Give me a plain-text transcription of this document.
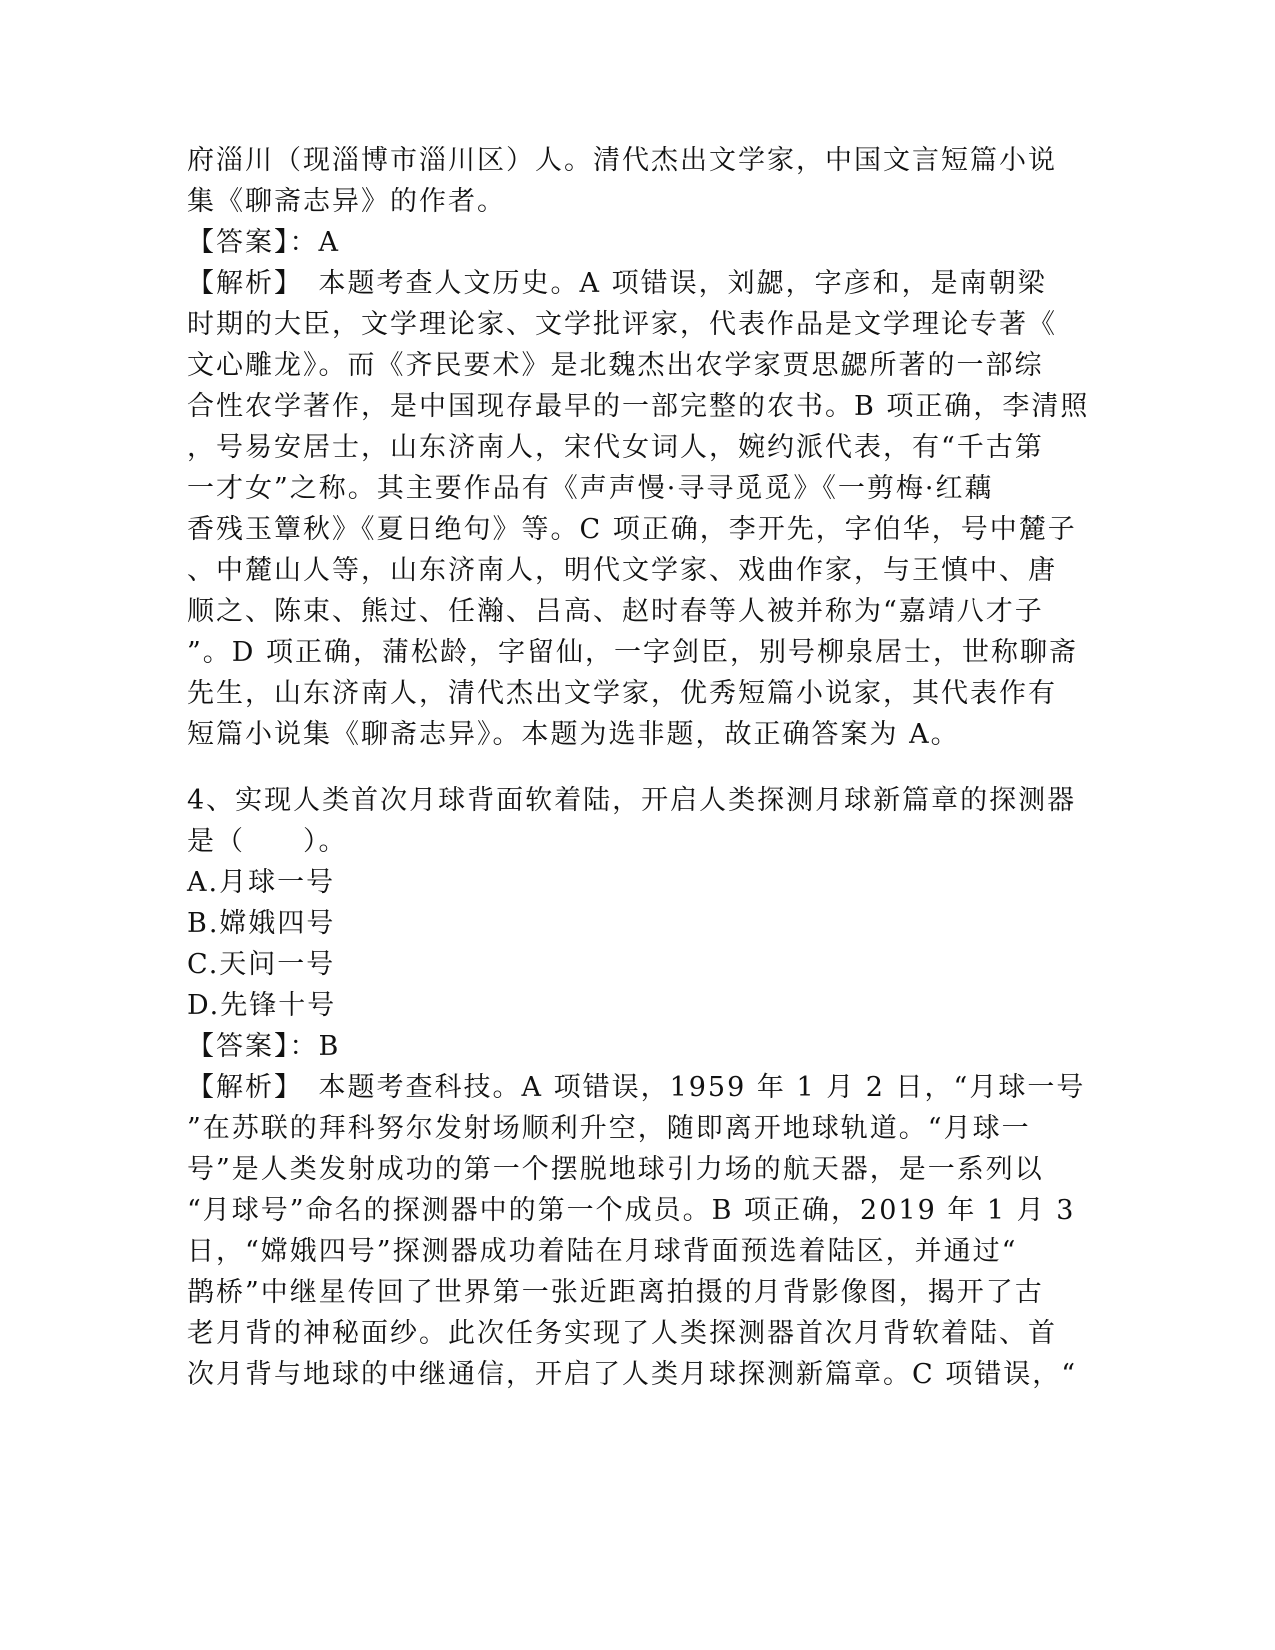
府淄川（现淄博市淄川区）人。清代杰出文学家，中国文言短篇小说
集《聊斋志异》的作者。
【答案】：A
【解析】　本题考查人文历史。A 项错误，刘勰，字彦和，是南朝梁
时期的大臣，文学理论家、文学批评家，代表作品是文学理论专著《
文心雕龙》。而《齐民要术》是北魏杰出农学家贾思勰所著的一部综
合性农学著作，是中国现存最早的一部完整的农书。B 项正确，李清照
，号易安居士，山东济南人，宋代女词人，婉约派代表，有“千古第
一才女”之称。其主要作品有《声声慢·寻寻觅觅》《一剪梅·红藕
香残玉簟秋》《夏日绝句》等。C 项正确，李开先，字伯华，号中麓子
、中麓山人等，山东济南人，明代文学家、戏曲作家，与王慎中、唐
顺之、陈束、熊过、任瀚、吕高、赵时春等人被并称为“嘉靖八才子
”。D 项正确，蒲松龄，字留仙，一字剑臣，别号柳泉居士，世称聊斋
先生，山东济南人，清代杰出文学家，优秀短篇小说家，其代表作有
短篇小说集《聊斋志异》。本题为选非题，故正确答案为 A。
4、实现人类首次月球背面软着陆，开启人类探测月球新篇章的探测器
是（　　）。
A.月球一号
B.嫦娥四号
C.天问一号
D.先锋十号
【答案】：B
【解析】　本题考查科技。A 项错误，1959 年 1 月 2 日，“月球一号
”在苏联的拜科努尔发射场顺利升空，随即离开地球轨道。“月球一
号”是人类发射成功的第一个摆脱地球引力场的航天器，是一系列以
“月球号”命名的探测器中的第一个成员。B 项正确，2019 年 1 月 3
日，“嫦娥四号”探测器成功着陆在月球背面预选着陆区，并通过“
鹊桥”中继星传回了世界第一张近距离拍摄的月背影像图，揭开了古
老月背的神秘面纱。此次任务实现了人类探测器首次月背软着陆、首
次月背与地球的中继通信，开启了人类月球探测新篇章。C 项错误，“
